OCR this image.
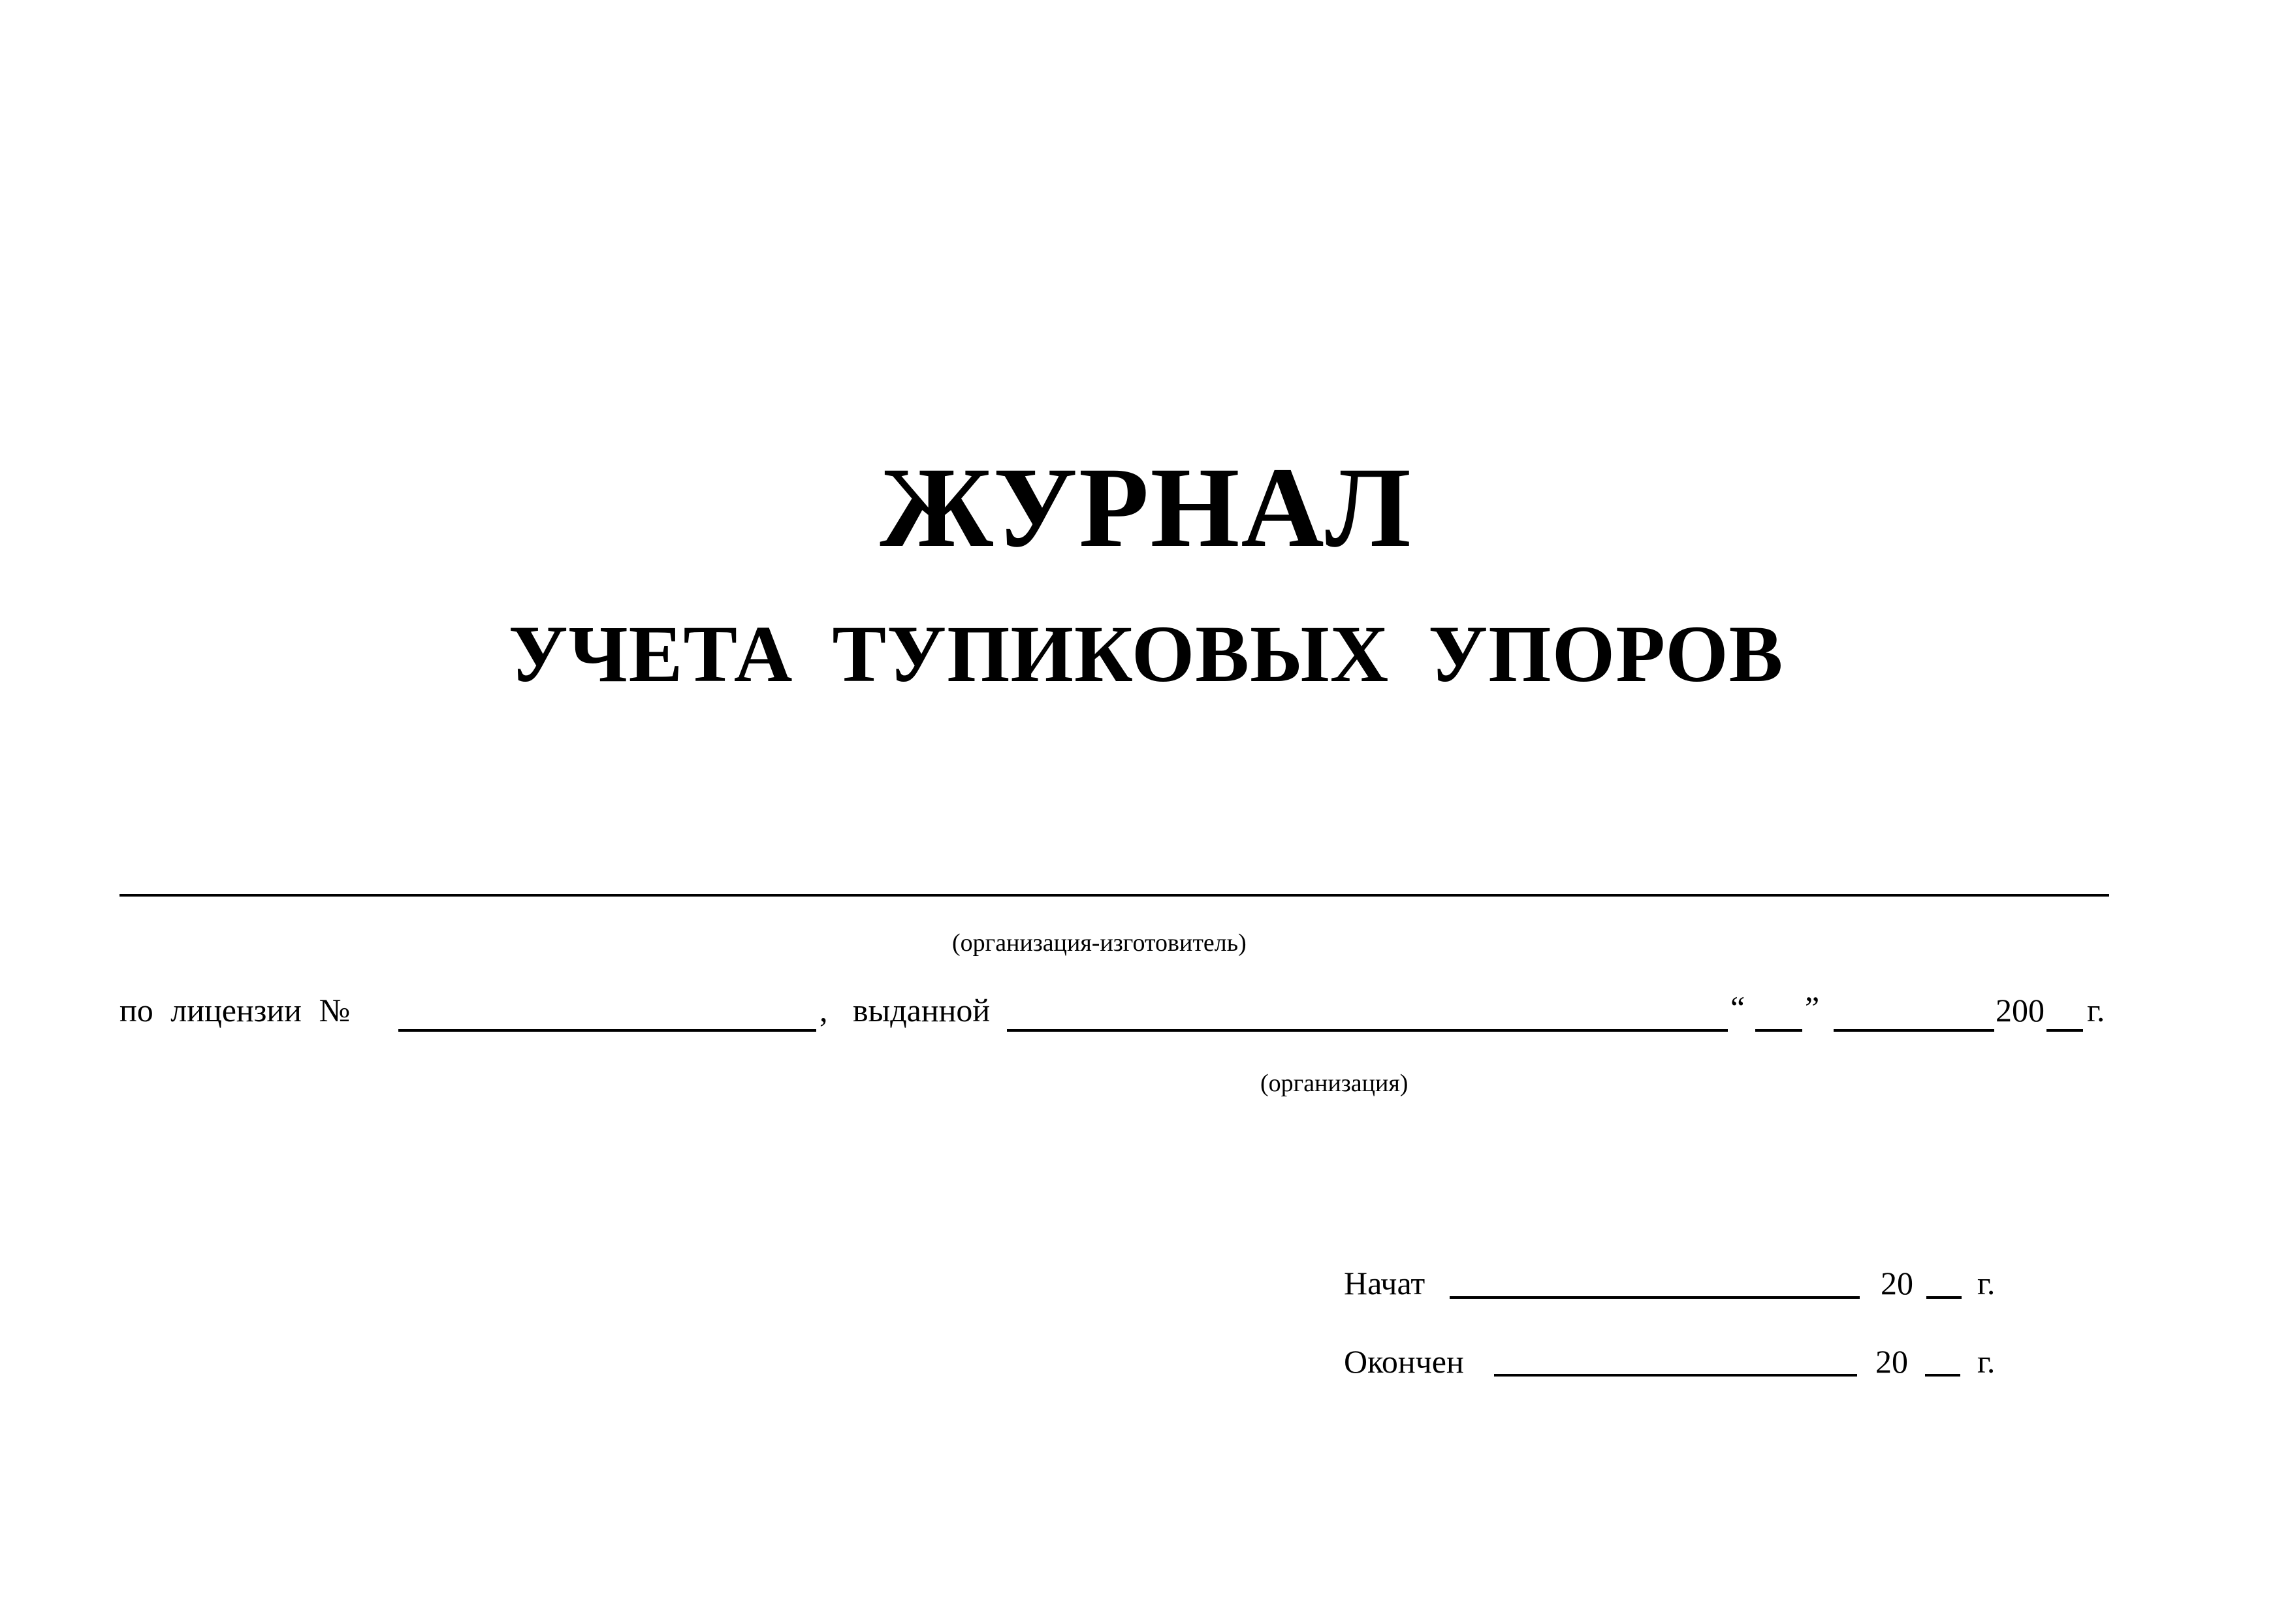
ЖУРНАЛ
УЧЕТА ТУПИКОВЫХ УПОРОВ
(организация-изготовитель)
по лицензии №	, выданной	“ ”	200 г.
(организация)
Начат	20 г.
Окончен	20 г.
